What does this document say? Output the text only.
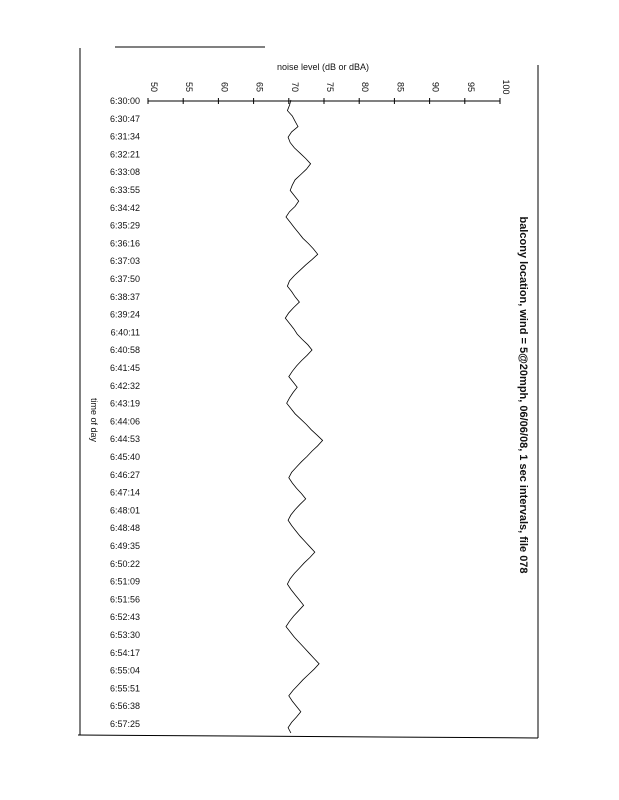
noise level (dB or dBA)
50	55	60	65	70	75	80	85	90	95	100
6:30:00
6:30:47
6:31:34
6:32:21
6:33:08
6:33:55
6:34:42
6:35:29
6:36:16
6:37:03
6:37:50
6:38:37
6:39:24
6:40:11
6:40:58
6:41:45
6:42:32
6:43:19
6:44:06
6:44:53
6:45:40
6:46:27
6:47:14
6:48:01
6:48:48
6:49:35
6:50:22
6:51:09
6:51:56
6:52:43
6:53:30
6:54:17
6:55:04
6:55:51
6:56:38
6:57:25
time of day	balcony location, wind = 5@20mph, 06/06/08, 1 sec intervals, file 078
